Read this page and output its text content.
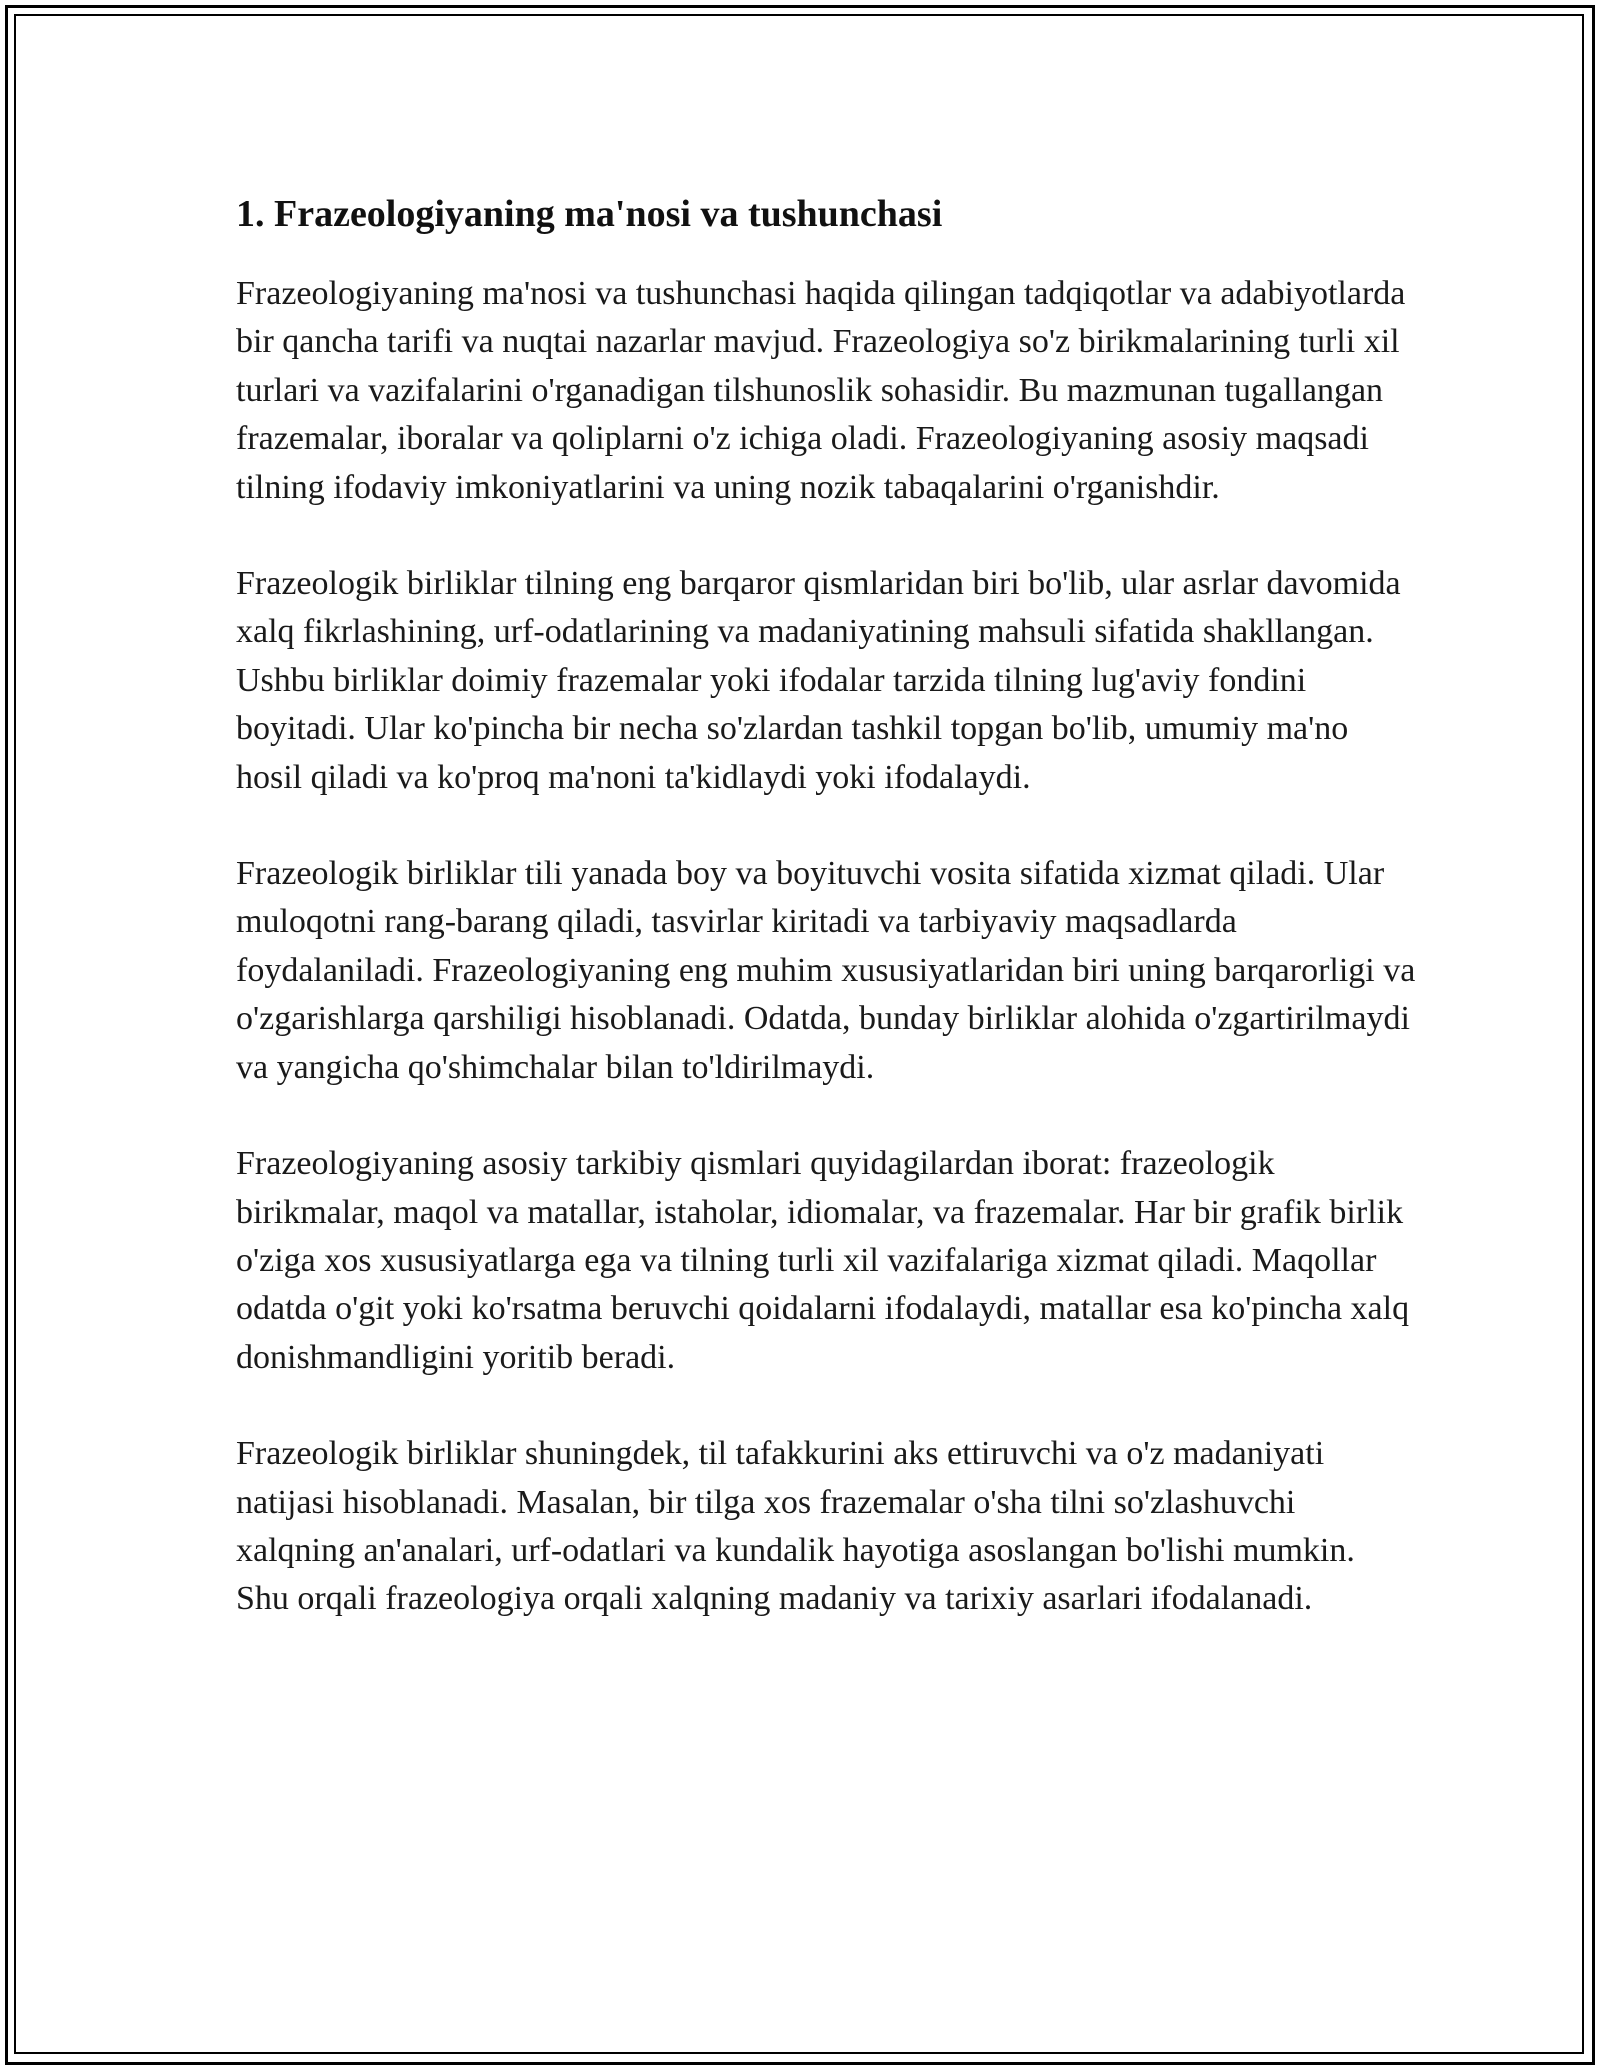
1. Frazeologiyaning ma'nosi va tushunchasi

Frazeologiyaning ma'nosi va tushunchasi haqida qilingan tadqiqotlar va adabiyotlarda bir qancha tarifi va nuqtai nazarlar mavjud. Frazeologiya so'z birikmalarining turli xil turlari va vazifalarini o'rganadigan tilshunoslik sohasidir. Bu mazmunan tugallangan frazemalar, iboralar va qoliplarni o'z ichiga oladi. Frazeologiyaning asosiy maqsadi tilning ifodaviy imkoniyatlarini va uning nozik tabaqalarini o'rganishdir.

Frazeologik birliklar tilning eng barqaror qismlaridan biri bo'lib, ular asrlar davomida xalq fikrlashining, urf-odatlarining va madaniyatining mahsuli sifatida shakllangan. Ushbu birliklar doimiy frazemalar yoki ifodalar tarzida tilning lug'aviy fondini boyitadi. Ular ko'pincha bir necha so'zlardan tashkil topgan bo'lib, umumiy ma'no hosil qiladi va ko'proq ma'noni ta'kidlaydi yoki ifodalaydi.

Frazeologik birliklar tili yanada boy va boyituvchi vosita sifatida xizmat qiladi. Ular muloqotni rang-barang qiladi, tasvirlar kiritadi va tarbiyaviy maqsadlarda foydalaniladi. Frazeologiyaning eng muhim xususiyatlaridan biri uning barqarorligi va o'zgarishlarga qarshiligi hisoblanadi. Odatda, bunday birliklar alohida o'zgartirilmaydi va yangicha qo'shimchalar bilan to'ldirilmaydi.

Frazeologiyaning asosiy tarkibiy qismlari quyidagilardan iborat: frazeologik birikmalar, maqol va matallar, istaholar, idiomalar, va frazemalar. Har bir grafik birlik o'ziga xos xususiyatlarga ega va tilning turli xil vazifalariga xizmat qiladi. Maqollar odatda o'git yoki ko'rsatma beruvchi qoidalarni ifodalaydi, matallar esa ko'pincha xalq donishmandligini yoritib beradi.

Frazeologik birliklar shuningdek, til tafakkurini aks ettiruvchi va o'z madaniyati natijasi hisoblanadi. Masalan, bir tilga xos frazemalar o'sha tilni so'zlashuvchi xalqning an'analari, urf-odatlari va kundalik hayotiga asoslangan bo'lishi mumkin. Shu orqali frazeologiya orqali xalqning madaniy va tarixiy asarlari ifodalanadi.
